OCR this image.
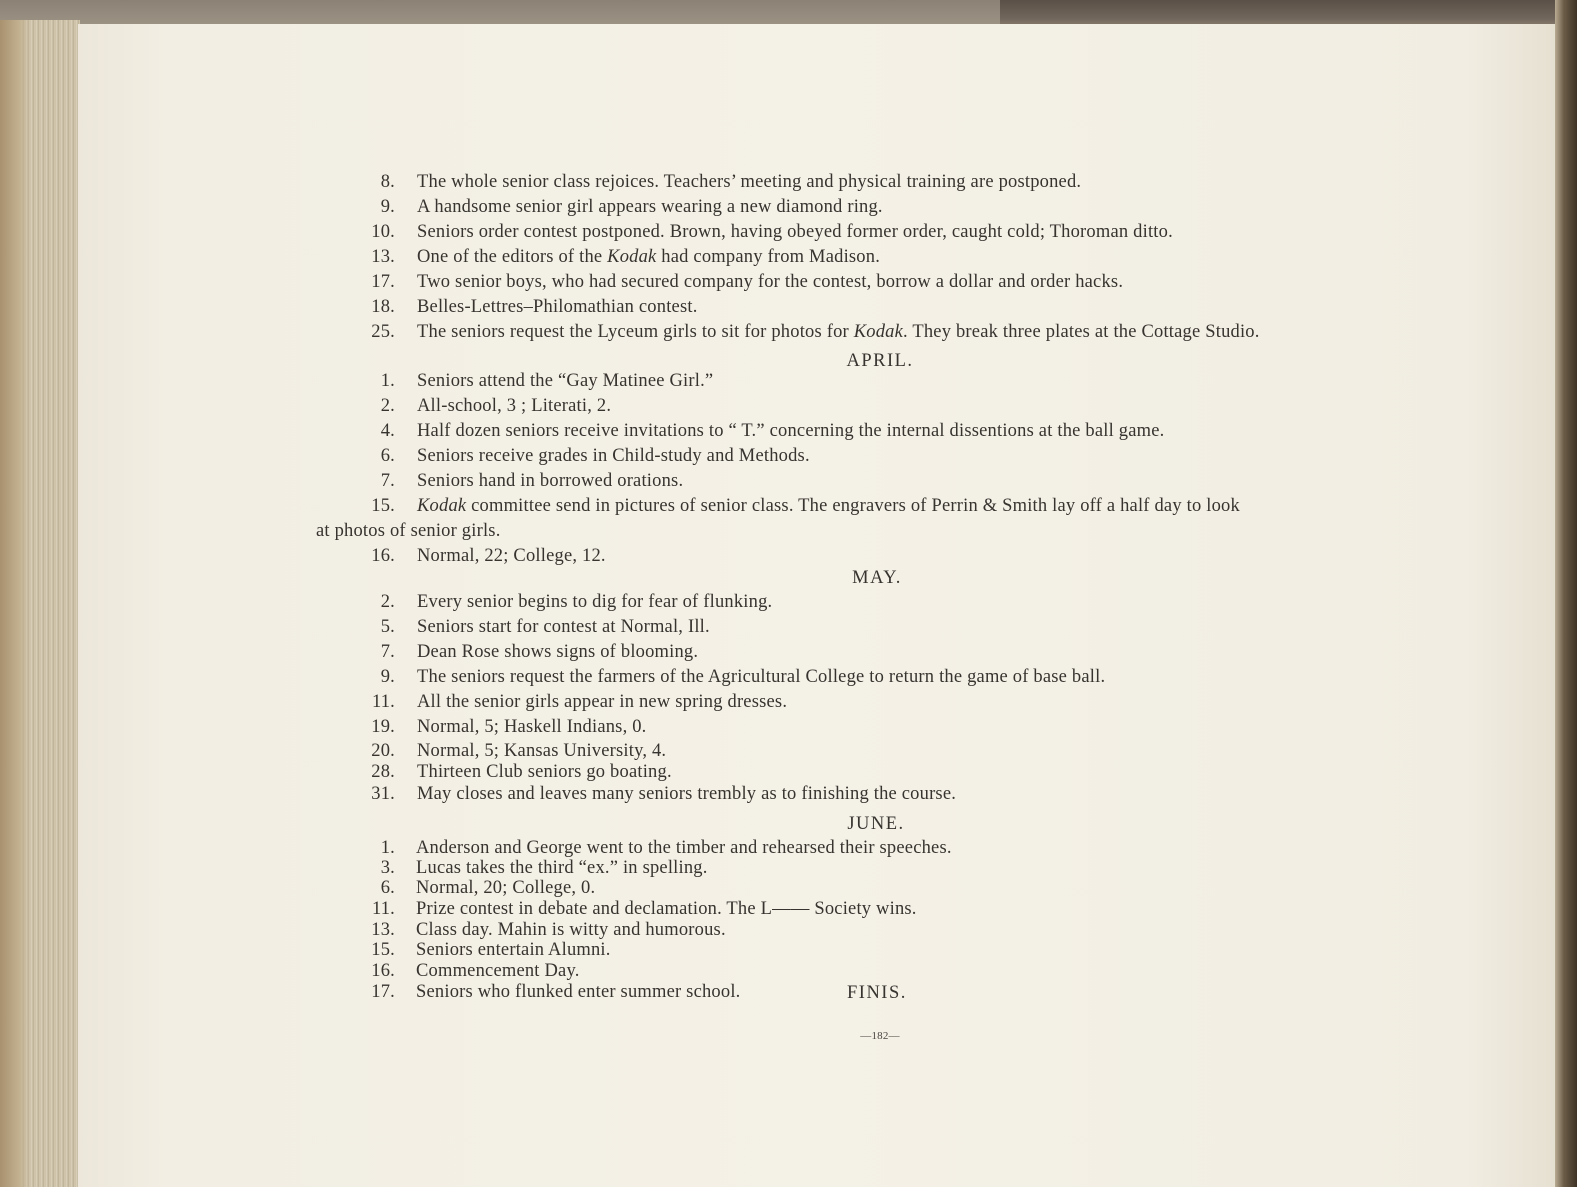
8. The whole senior class rejoices. Teachers’ meeting and physical training are postponed.
9. A handsome senior girl appears wearing a new diamond ring.
10. Seniors order contest postponed. Brown, having obeyed former order, caught cold; Thoroman ditto.
13. One of the editors of the Kodak had company from Madison.
17. Two senior boys, who had secured company for the contest, borrow a dollar and order hacks.
18. Belles-Lettres–Philomathian contest.
25. The seniors request the Lyceum girls to sit for photos for Kodak. They break three plates at the Cottage Studio.
APRIL.
1. Seniors attend the “Gay Matinee Girl.”
2. All-school, 3 ; Literati, 2.
4. Half dozen seniors receive invitations to “ T.” concerning the internal dissentions at the ball game.
6. Seniors receive grades in Child-study and Methods.
7. Seniors hand in borrowed orations.
15. Kodak committee send in pictures of senior class. The engravers of Perrin & Smith lay off a half day to look
at photos of senior girls.
16. Normal, 22; College, 12.
MAY.
2. Every senior begins to dig for fear of flunking.
5. Seniors start for contest at Normal, Ill.
7. Dean Rose shows signs of blooming.
9. The seniors request the farmers of the Agricultural College to return the game of base ball.
11. All the senior girls appear in new spring dresses.
19. Normal, 5; Haskell Indians, 0.
20. Normal, 5; Kansas University, 4.
28. Thirteen Club seniors go boating.
31. May closes and leaves many seniors trembly as to finishing the course.
JUNE.
1. Anderson and George went to the timber and rehearsed their speeches.
3. Lucas takes the third “ex.” in spelling.
6. Normal, 20; College, 0.
11. Prize contest in debate and declamation. The L—— Society wins.
13. Class day. Mahin is witty and humorous.
15. Seniors entertain Alumni.
16. Commencement Day.
17. Seniors who flunked enter summer school.	FINIS.
—182—
